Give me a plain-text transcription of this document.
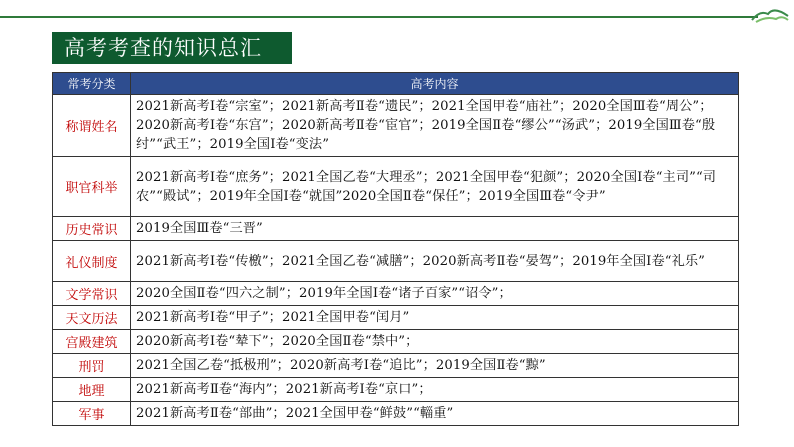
高考考查的知识总汇
常考分类	高考内容
称谓姓名	2021新高考Ⅰ卷“宗室”；2021新高考Ⅱ卷“遗民”；2021全国甲卷“庙社”；2020全国Ⅲ卷“周公”；2020新高考Ⅰ卷“东宫”；2020新高考Ⅱ卷“宦官”；2019全国Ⅱ卷“缪公”“汤武”；2019全国Ⅲ卷“殷纣”“武王”；2019全国Ⅰ卷“变法”
职官科举	2021新高考Ⅰ卷“庶务”；2021全国乙卷“大理丞”；2021全国甲卷“犯颜”；2020全国Ⅰ卷“主司”“司农”“殿试”；2019年全国Ⅰ卷“就国”2020全国Ⅱ卷“保任”；2019全国Ⅲ卷“令尹”
历史常识	2019全国Ⅲ卷“三晋”
礼仪制度	2021新高考Ⅰ卷“传檄”；2021全国乙卷“减膳”；2020新高考Ⅱ卷“晏驾”；2019年全国Ⅰ卷“礼乐”
文学常识	2020全国Ⅱ卷“四六之制”；2019年全国Ⅰ卷“诸子百家”“诏令”；
天文历法	2021新高考Ⅰ卷“甲子”；2021全国甲卷“闰月”
宫殿建筑	2020新高考Ⅰ卷“辇下”；2020全国Ⅱ卷“禁中”；
刑罚	2021全国乙卷“抵极刑”；2020新高考Ⅰ卷“追比”；2019全国Ⅱ卷“黥”
地理	2021新高考Ⅱ卷“海内”；2021新高考Ⅰ卷“京口”；
军事	2021新高考Ⅱ卷“部曲”；2021全国甲卷“鲜鼓”“輜重”
